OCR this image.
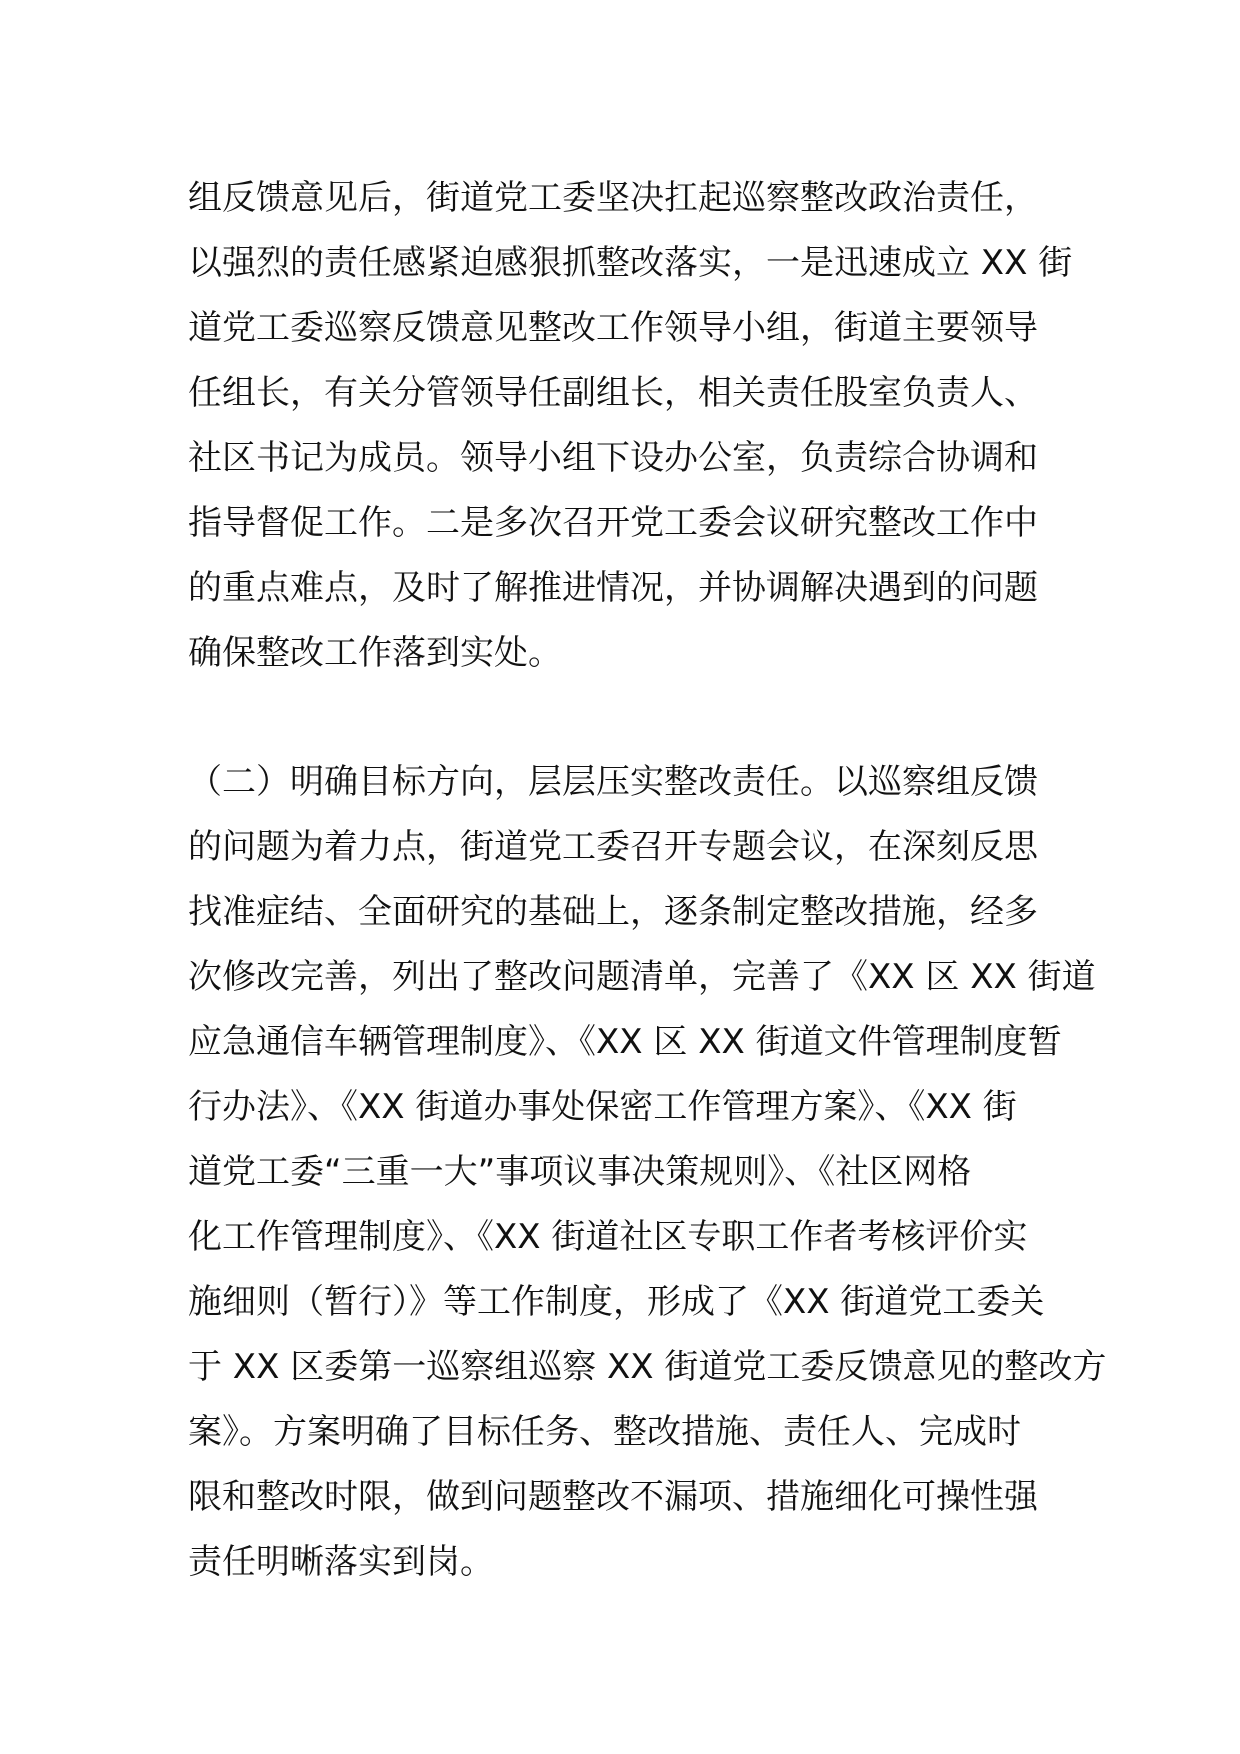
组反馈意见后，街道党工委坚决扛起巡察整改政治责任，
以强烈的责任感紧迫感狠抓整改落实，一是迅速成立 XX 街
道党工委巡察反馈意见整改工作领导小组，街道主要领导
任组长，有关分管领导任副组长，相关责任股室负责人、
社区书记为成员。领导小组下设办公室，负责综合协调和
指导督促工作。二是多次召开党工委会议研究整改工作中
的重点难点，及时了解推进情况，并协调解决遇到的问题
确保整改工作落到实处。
（二）明确目标方向，层层压实整改责任。以巡察组反馈
的问题为着力点，街道党工委召开专题会议，在深刻反思
找准症结、全面研究的基础上，逐条制定整改措施，经多
次修改完善，列出了整改问题清单，完善了《XX 区 XX 街道
应急通信车辆管理制度》、《XX 区 XX 街道文件管理制度暂
行办法》、《XX 街道办事处保密工作管理方案》、《XX 街
道党工委“三重一大”事项议事决策规则》、《社区网格
化工作管理制度》、《XX 街道社区专职工作者考核评价实
施细则（暂行）》等工作制度，形成了《XX 街道党工委关
于 XX 区委第一巡察组巡察 XX 街道党工委反馈意见的整改方
案》。方案明确了目标任务、整改措施、责任人、完成时
限和整改时限，做到问题整改不漏项、措施细化可操性强
责任明晰落实到岗。
